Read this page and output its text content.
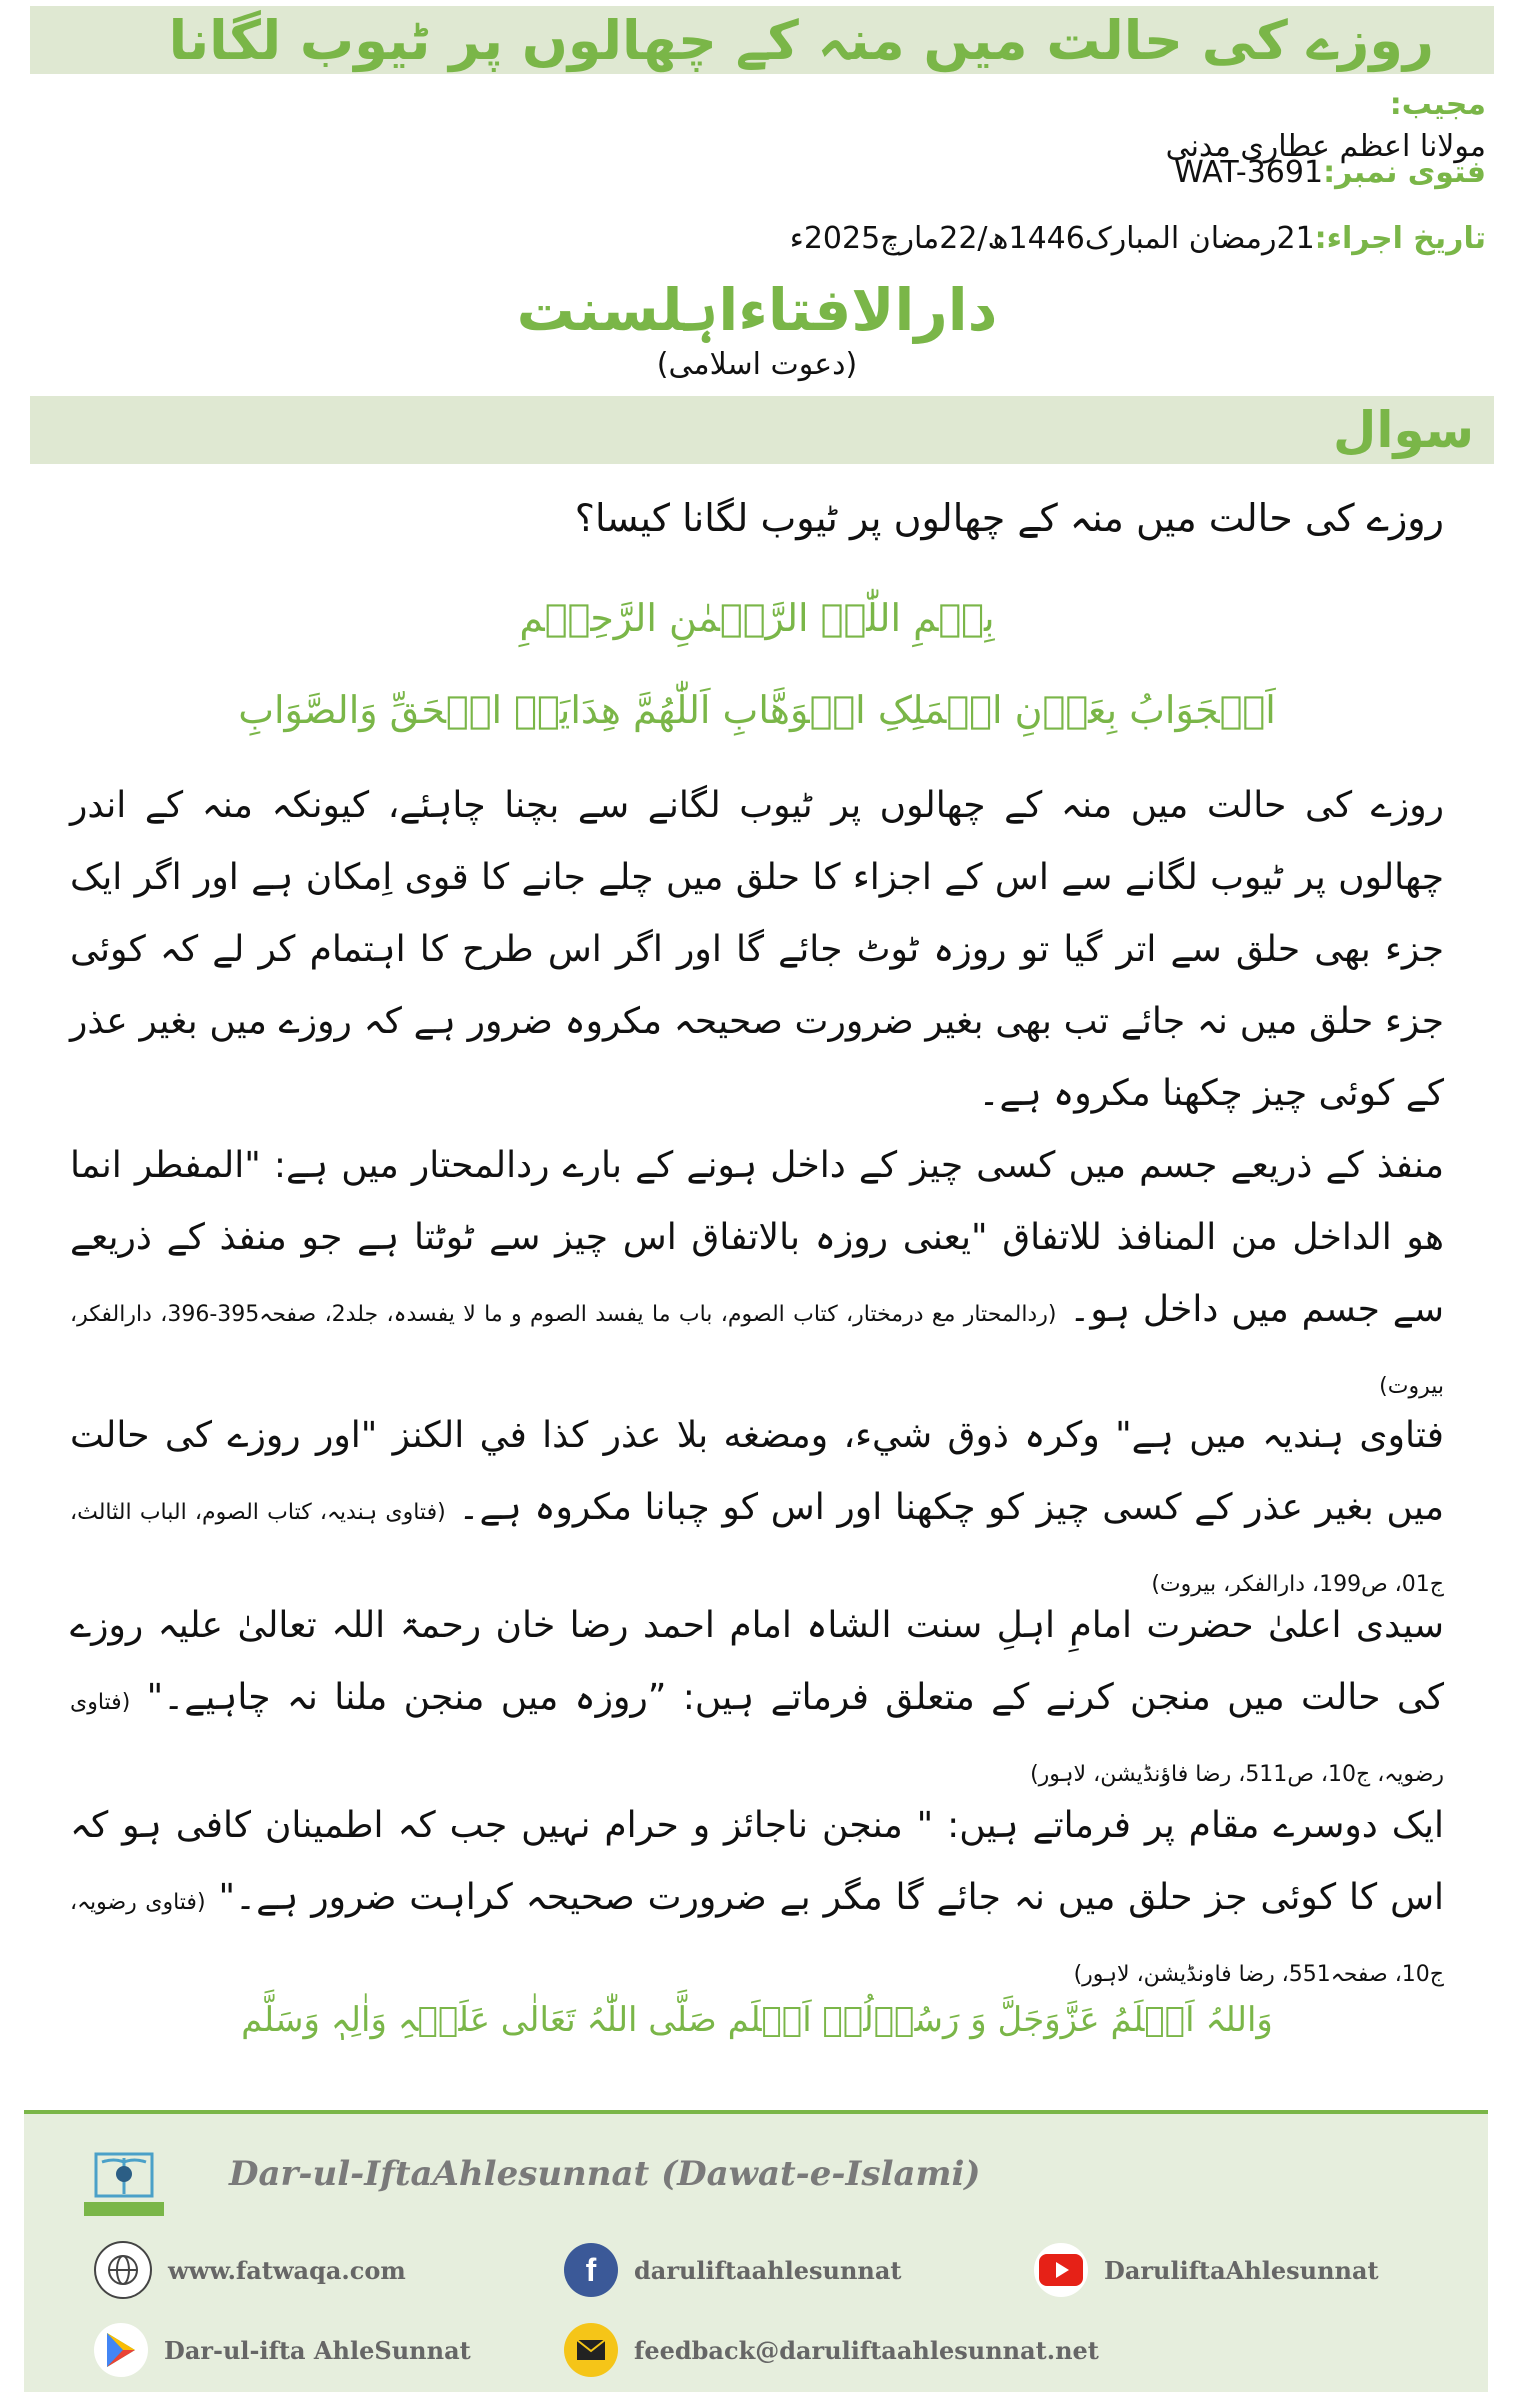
روزے کی حالت میں منہ کے چھالوں پر ٹیوب لگانا
مجیب:
مولانا اعظم عطاری مدنی
فتوی نمبر:WAT-3691
تاریخ اجراء:21رمضان المبارک1446ھ/22مارچ2025ء
دارالافتاءاہلسنت
(دعوت اسلامی)
سوال
روزے کی حالت میں منہ کے چھالوں پر ٹیوب لگانا کیسا؟
بِسۡمِ اللّٰہِ الرَّحۡمٰنِ الرَّحِیۡمِ
اَلۡجَوَابُ بِعَوۡنِ الۡمَلِکِ الۡوَھَّابِ اَللّٰھُمَّ ھِدَایَۃَ الۡحَقِّ وَالصَّوَابِ
روزے کی حالت میں منہ کے چھالوں پر ٹیوب لگانے سے بچنا چاہئے، کیونکہ منہ کے اندر چھالوں پر ٹیوب لگانے سے اس کے اجزاء کا حلق میں چلے جانے کا قوی اِمکان ہے اور اگر ایک جزء بھی حلق سے اتر گیا تو روزہ ٹوٹ جائے گا اور اگر اس طرح کا اہتمام کر لے کہ کوئی جزء حلق میں نہ جائے تب بھی بغیر ضرورت صحیحہ مکروہ ضرور ہے کہ روزے میں بغیر عذر کے کوئی چیز چکھنا مکروہ ہے۔
منفذ کے ذریعے جسم میں کسی چیز کے داخل ہونے کے بارے ردالمحتار میں ہے: "المفطر انما ھو الداخل من المنافذ للاتفاق "یعنی روزہ بالاتفاق اس چیز سے ٹوٹتا ہے جو منفذ کے ذریعے سے جسم میں داخل ہو۔ (ردالمحتار مع درمختار، کتاب الصوم، باب ما یفسد الصوم و ما لا یفسدہ، جلد2، صفحہ395-396، دارالفکر، بیروت)
فتاوی ہندیہ میں ہے" وکرہ ذوق شيء، ومضغه بلا عذر كذا في الكنز "اور روزے کی حالت میں بغیر عذر کے کسی چیز کو چکھنا اور اس کو چبانا مکروہ ہے۔ (فتاوی ہندیہ، کتاب الصوم، الباب الثالث، ج01، ص199، دارالفکر، بیروت)
سیدی اعلیٰ حضرت امامِ اہلِ سنت الشاہ امام احمد رضا خان رحمۃ اللہ تعالیٰ علیہ روزے کی حالت میں منجن کرنے کے متعلق فرماتے ہیں: ”روزہ میں منجن ملنا نہ چاہیے۔" (فتاوی رضویہ، ج10، ص511، رضا فاؤنڈیشن، لاہور)
ایک دوسرے مقام پر فرماتے ہیں: " منجن ناجائز و حرام نہیں جب کہ اطمینان کافی ہو کہ اس کا کوئی جز حلق میں نہ جائے گا مگر بے ضرورت صحیحہ کراہت ضرور ہے۔" (فتاوی رضویہ، ج10، صفحہ551، رضا فاونڈیشن، لاہور)
وَاللہُ اَعۡلَمُ عَزَّوَجَلَّ وَ رَسُوۡلُہٗ اَعۡلَم صَلَّی اللّٰہُ تَعَالٰی عَلَیۡہِ وَاٰلِہٖ وَسَلَّم
Dar-ul-IftaAhlesunnat (Dawat-e-Islami)
www.fatwaqa.com	f daruliftaahlesunnat	DaruliftaAhlesunnat
Dar-ul-ifta AhleSunnat	feedback@daruliftaahlesunnat.net
